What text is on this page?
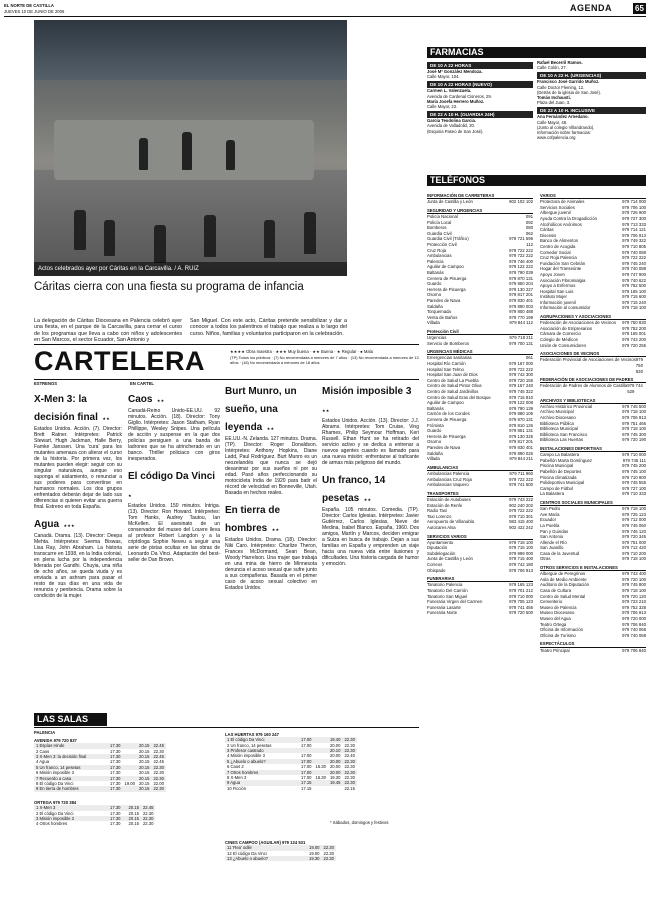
EL NORTE DE CASTILLA
JUEVES 10 DE JUNIO DE 2006	AGENDA	65
Actos celebrados ayer por Cáritas en la Carcavilla. / A. RUIZ
Cáritas cierra con una fiesta su programa de infancia
La delegación de Cáritas Diocesana en Palencia celebró ayer una fiesta, en el parque de la Carcavilla, para cerrar el curso de los programas que lleva a cabo con niños y adolescentes en San Marcos, el sector Ecuador, San Antonio y
San Miguel. Con este acto, Cáritas pretende sensibilizar y dar a conocer a todos los palentinos el trabajo que realiza a lo largo del curso. Niños, familias y voluntarios participaron en la celebración.
CARTELERA	★★★★ Obra maestra · ★★★ Muy buena · ★★ Buena · ★ Regular · ● Mala
(TP) Todos los públicos · (7) No recomendada a menores de 7 años · (13) No recomendada a menores de 13 años · (18) No recomendada a menores de 18 años
ESTRENOS	EN CARTEL
X-Men 3: la decisión final ★★
Estados Unidos. Acción. (7). Director: Brett Ratner. Intérpretes: Patrick Stewart, Hugh Jackman, Halle Berry, Famke Janssen. Una 'cura' para los mutantes amenaza con alterar el curso de la historia. Por primera vez, los mutantes pueden elegir: seguir con su singular naturaleza, aunque eso suponga el aislamiento, o renunciar a sus poderes para convertirse en humanos normales. Los dos grupos enfrentados deberán dejar de lado sus diferencias si quieren evitar una guerra final. Estreno en toda España.
Agua ★★★
Canadá. Drama. (13). Director: Deepa Mehta. Intérpretes: Seema Biswas, Lisa Ray, John Abraham. La historia transcurre en 1938, en la India colonial, en plena lucha por la independencia liderada por Gandhi. Chuyia, una niña de ocho años, se queda viuda y es enviada a un ashram para pasar el resto de sus días en una vida de renuncia y penitencia. Drama sobre la condición de la mujer.
Caos ★★
Canadá-Reino Unido-EE.UU. 92 minutos. Acción. (18). Director: Tony Giglio. Intérpretes: Jason Statham, Ryan Phillippe, Wesley Snipes. Una película de acción y suspense en la que dos policías persiguen a una banda de ladrones que se ha atrincherado en un banco. Thriller policiaco con giros inesperados.
El código Da Vinci ★
Estados Unidos. 150 minutos. Intriga. (13). Director: Ron Howard. Intérpretes: Tom Hanks, Audrey Tautou, Ian McKellen. El asesinato de un conservador del museo del Louvre lleva al profesor Robert Langdon y a la criptóloga Sophie Neveu a seguir una serie de pistas ocultas en las obras de Leonardo Da Vinci. Adaptación del best-seller de Dan Brown.
Burt Munro, un sueño, una leyenda ★★
EE.UU.-N. Zelanda. 127 minutos. Drama. (TP). Director: Roger Donaldson. Intérpretes: Anthony Hopkins, Diane Ladd, Paul Rodríguez. Burt Munro es un neozelandés que nunca se dejó desanimar por sus sueños ni por su edad. Pasó años perfeccionando su motocicleta India de 1920 para batir el récord de velocidad en Bonneville, Utah. Basada en hechos reales.
En tierra de hombres ★★
Estados Unidos. Drama. (18). Director: Niki Caro. Intérpretes: Charlize Theron, Frances McDormand, Sean Bean, Woody Harrelson. Una mujer que trabaja en una mina de hierro de Minnesota denuncia el acoso sexual que sufre junto a sus compañeras. Basada en el primer caso de acoso sexual colectivo en Estados Unidos.
Misión imposible 3 ★★
Estados Unidos. Acción. (13). Director: J.J. Abrams. Intérpretes: Tom Cruise, Ving Rhames, Philip Seymour Hoffman, Keri Russell. Ethan Hunt se ha retirado del servicio activo y se dedica a entrenar a nuevos agentes cuando es llamado para una nueva misión: enfrentarse al traficante de armas más peligroso del mundo.
Un franco, 14 pesetas ★★
España. 105 minutos. Comedia. (TP). Director: Carlos Iglesias. Intérpretes: Javier Gutiérrez, Carlos Iglesias, Nieve de Medina, Isabel Blanco. España, 1960. Dos amigos, Martín y Marcos, deciden emigrar a Suiza en busca de trabajo. Dejan a sus familias en España y emprenden un viaje hacia una nueva vida entre ilusiones y dificultades. Una historia cargada de humor y emoción.
LAS SALAS
PALENCIA
AVENIDA 979 720 837
1 Espías Hinde	17.30		20.15	22.45
2 Caos	17.30		20.15	22.30
3 X-Men 3: la decisión final	17.30		20.15	22.45
4 Agua	17.30		20.15	22.45
5 Un franco, 14 pesetas	17.30		20.15	22.30
6 Misión imposible 3	17.30		20.15	22.30
7 Recuerdo a casa	17.30		20.15	22.30
8 El código Da Vinci	17.30	19.00	20.15	22.00
9 En tierra de hombres	17.30		20.15	22.30
ORTEGA 979 720 384
1 X-Men 3	17.30		20.15	22.45
2 El código Da Vinci	17.30		20.15	22.30
3 Misión imposible 3	17.30		20.15	22.30
4 Otros hombres	17.30		20.15	22.30
LAS HUERTAS 979 160 247
1 El código Da Vinci	17.00		19.40	22.30
2 Un franco, 14 pesetas	17.00		20.00	22.30
3 Profesor castrado			20.10	22.30
4 Misión imposible 3	17.00		20.00	22.40
5 ¿Abuelo o abuelo?	17.00		20.00	22.30
6 Caos 2	17.00	16.30	20.00	22.30
7 Otros hombres	17.00		20.00	22.30
8 X-Men 3	17.00	16.30	19.30	22.30
9 Agua	17.15		19.45	22.30
10 Ficción	17.15			22.15
CINES CAMPOO (AGUILAR) 979 124 531
11 'Rea' odile			19.00	22.30
12 El código Da Vinci			19.00	22.30
13 ¿Abuelo o abuelo?			19.30	22.30
* Sábados, domingos y festivos
FARMACIAS
DE 10 A 22 HORAS
José Mª González Mendoza.
Calle Mayor, 104.
DE 10 A 22 HORAS (NUEVO)
Carmen L. Valenzuela.
Avenida de Cardenal Cisneros, 29.
María Josefa Herrero Muñoz.
Calle Mayor, 23.
DE 22 A 10 H. (GUARDIA 24H)
García Teodolina Garcia.
Avenida de Valladolid, 20.
(Esquina Paseo de San José).
Rafael Becerril Ramos.
Calle Colón, 27.
DE 10 A 22 H. (URGENCIAS)
Francisco José Garrido Muñoz.
Calle Doctor Fleming, 12.
(Detrás de la iglesia de San José).
Tomás Inchausti.
Plaza del Juan, 3.
DE 22 A 10 H. INCLUSIVE
Ana Fernández Arnedano.
Calle Mayor, 48.
(Junto al colegio Villandrando).
Información sobre farmacias:
www.cofpalencia.org
TELÉFONOS
INFORMACIÓN DE CARRETERAS
Junta de Castilla y León	902 102 102
SEGURIDAD Y URGENCIAS
Policía Nacional	091
Policía Local	092
Bomberos	080
Guardia Civil	062
Guardia Civil (Tráfico)	979 721 596
Protección Civil	112
Cruz Roja	979 722 222
Ambulancias	979 722 222
Palencia	979 746 400
Aguilar de Campoo	979 122 222
Baltanás	979 790 039
Cervera de Pisuerga	979 870 131
Guardo	979 850 204
Herrera de Pisuerga	979 130 227
Osorno	979 817 201
Paredes de Nava	979 830 401
Saldaña	979 890 003
Torquemada	979 800 488
Venta de Baños	979 770 199
Villada	979 844 112
Protección Civil
Urgencias	979 718 211
Servicio de Bomberos	979 700 131
URGENCIAS MÉDICAS
Emergencias sanitarias	061
Hospital Río Carrión	979 167 000
Hospital San Telmo	979 722 222
Hospital San Juan de Dios	979 742 300
Centro de Salud La Puebla	979 720 155
Centro de Salud Pintor Oliva	979 167 240
Centro de Salud Jardinillos	979 745 322
Centro de Salud Eras del Bosque	979 716 810
Aguilar de Campoo	979 122 008
Baltanás	979 790 139
Carrión de los Condes	979 880 105
Cervera de Pisuerga	979 870 131
Frómista	979 810 126
Guardo	979 851 131
Herrera de Pisuerga	979 130 325
Osorno	979 817 201
Paredes de Nava	979 830 401
Saldaña	979 890 026
Villada	979 844 211
AMBULANCIAS
Ambulancias Palencia	979 711 960
Ambulancias Cruz Roja	979 722 222
Ambulancias Vaquero	979 741 500
TRANSPORTES
Estación de Autobuses	979 743 222
Estación de Renfe	902 240 202
Radio Taxi	979 722 222
Taxi Lorenzo	979 710 301
Aeropuerto de Villanubla	983 415 400
Autocares Alsa	902 422 242
SERVICIOS VARIOS
Ayuntamiento	979 718 100
Diputación	979 715 100
Subdelegación	979 999 000
Junta de Castilla y León	979 715 400
Correos	979 742 180
Obispado	979 706 913
FUNERARIAS
Tanatorio Palencia	979 165 123
Tanatorio Del Carrión	979 701 212
Tanatorio San Miguel	979 710 000
Funeraria Virgen del Carmen	979 705 123
Funeraria Lasarte	979 741 456
Funeraria Norte	979 720 500
VARIOS
Protectora de Animales	979 714 000
Servicios Sociales	979 706 100
Albergue juvenil	979 726 900
Ayuda Contra la Drogadicción	979 727 300
Alcohólicos Anónimos	979 713 333
Cáritas	979 714 121
Diocesis	979 706 913
Banco de Alimentos	979 749 322
Centro de Acogida	979 710 805
Comedor Social	979 740 088
Cruz Roja Palencia	979 722 222
Fundación San Cebrián	979 745 240
Hogar del Transeúnte	979 740 088
Apoyo Joven	979 747 900
Asociación Fibromialgia	979 740 622
Apoyo a Enfermos	979 752 500
Hospital San Luis	979 165 100
Instituto Mujer	979 715 600
Información juvenil	979 715 240
Información al consumidor	979 718 100
AGRUPACIONES Y ASOCIACIONES
Federación de Asociaciones de Vecinos 979 750 830
Asociación de Empresarios	979 752 200
Cámara de Comercio	979 165 001
Colegio de Médicos	979 743 200
Unión de Consumidores	979 720 255
ASOCIACIONES DE VECINOS
Federación Provincial de Asociaciones de Vecinos 979 750 830
FEDERACIÓN DE ASOCIACIONES DE PADRES
Federación de Padres de Alumnos de Castilla 979 744 529
ARCHIVOS Y BIBLIOTECAS
Archivo Histórico Provincial	979 745 500
Archivo Municipal	979 718 100
Archivo Diocesano	979 706 913
Biblioteca Pública	979 751 466
Biblioteca Municipal	979 718 100
Biblioteca San Francisco	979 745 300
Biblioteca Las Huertas	979 720 190
INSTALACIONES DEPORTIVAS
Campo La Balastera	979 710 000
Pabellón Marta Domínguez	979 745 111
Piscina Municipal	979 745 200
Pabellón de Deportes	979 745 100
Piscina climatizada	979 710 900
Polideportivo Municipal	979 745 555
Campo de Fútbol	979 727 100
La Balastera	979 710 333
CENTROS SOCIALES MUNICIPALES
San Pedro	979 718 100
Ave María	979 725 123
Ecuador	979 712 000
La Puebla	979 745 060
Pan y Guindas	979 746 120
San Antonio	979 720 345
Allende el Río	979 751 000
San Juanillo	979 712 420
Casa de la Juventud	979 710 200
Otras	979 718 100
OTROS SERVICIOS E INSTALACIONES
Albergue de Peregrinos	979 743 400
Aula de Medio Ambiente	979 720 100
Auditorio de la Diputación	979 745 800
Casa de Cultura	979 718 100
Centro de Salud Mental	979 720 120
Cementerio	979 723 210
Museo de Palencia	979 752 328
Museo Diocesano	979 706 913
Museo del Agua	979 720 000
Teatro Ortega	979 706 840
Oficina de Información	979 740 068
Oficina de Turismo	979 740 068
ESPECTÁCULOS
Teatro Principal	979 706 840
